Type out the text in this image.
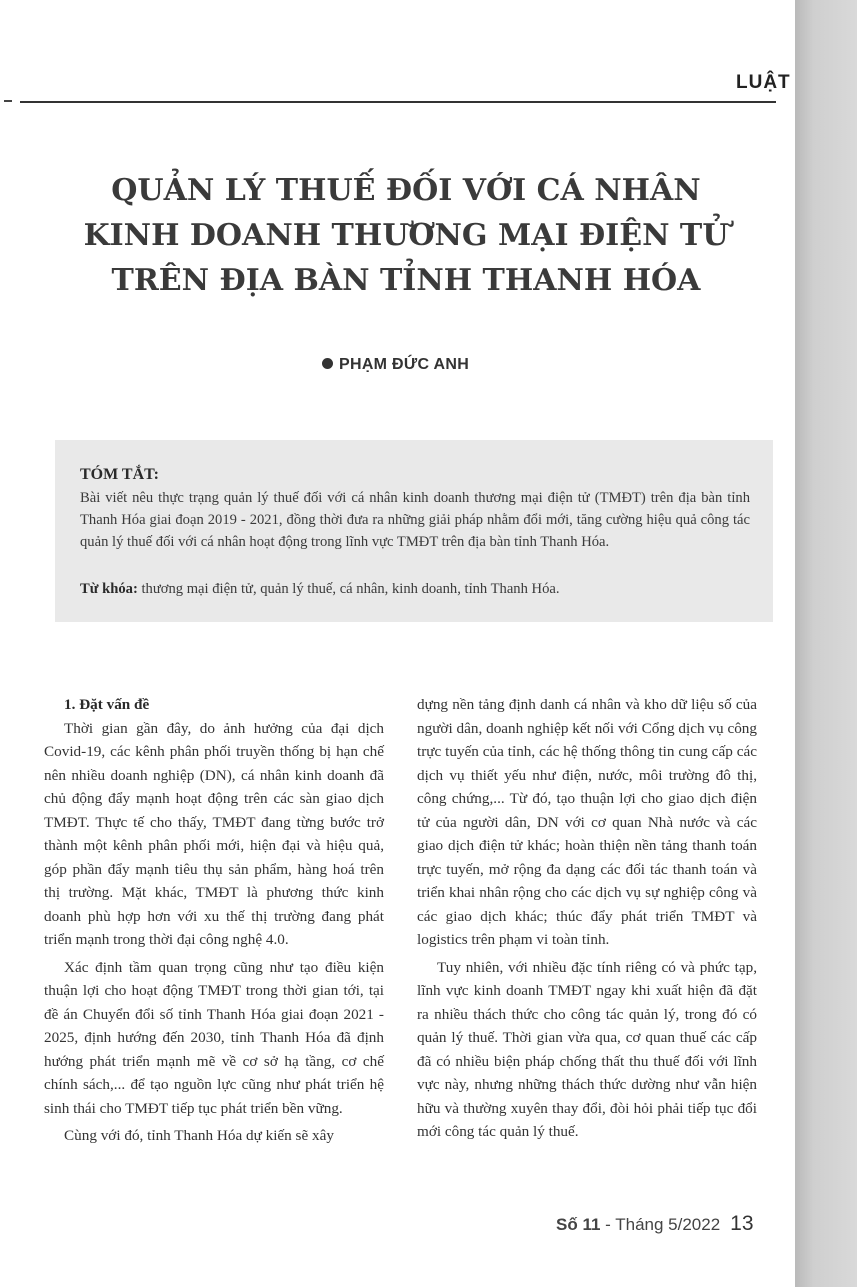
LUẬT
QUẢN LÝ THUẾ ĐỐI VỚI CÁ NHÂN
KINH DOANH THƯƠNG MẠI ĐIỆN TỬ
TRÊN ĐỊA BÀN TỈNH THANH HÓA
PHẠM ĐỨC ANH
TÓM TẮT:
Bài viết nêu thực trạng quản lý thuế đối với cá nhân kinh doanh thương mại điện tử (TMĐT) trên địa bàn tỉnh Thanh Hóa giai đoạn 2019 - 2021, đồng thời đưa ra những giải pháp nhằm đổi mới, tăng cường hiệu quả công tác quản lý thuế đối với cá nhân hoạt động trong lĩnh vực TMĐT trên địa bàn tỉnh Thanh Hóa.
Từ khóa: thương mại điện tử, quản lý thuế, cá nhân, kinh doanh, tỉnh Thanh Hóa.
1. Đặt vấn đề

Thời gian gần đây, do ảnh hưởng của đại dịch Covid-19, các kênh phân phối truyền thống bị hạn chế nên nhiều doanh nghiệp (DN), cá nhân kinh doanh đã chủ động đẩy mạnh hoạt động trên các sàn giao dịch TMĐT. Thực tế cho thấy, TMĐT đang từng bước trở thành một kênh phân phối mới, hiện đại và hiệu quả, góp phần đẩy mạnh tiêu thụ sản phẩm, hàng hoá trên thị trường. Mặt khác, TMĐT là phương thức kinh doanh phù hợp hơn với xu thế thị trường đang phát triển mạnh trong thời đại công nghệ 4.0.

Xác định tầm quan trọng cũng như tạo điều kiện thuận lợi cho hoạt động TMĐT trong thời gian tới, tại đề án Chuyển đổi số tỉnh Thanh Hóa giai đoạn 2021 - 2025, định hướng đến 2030, tỉnh Thanh Hóa đã định hướng phát triển mạnh mẽ về cơ sở hạ tầng, cơ chế chính sách,... để tạo nguồn lực cũng như phát triển hệ sinh thái cho TMĐT tiếp tục phát triển bền vững.

Cùng với đó, tỉnh Thanh Hóa dự kiến sẽ xây

dựng nền tảng định danh cá nhân và kho dữ liệu số của người dân, doanh nghiệp kết nối với Cổng dịch vụ công trực tuyến của tỉnh, các hệ thống thông tin cung cấp các dịch vụ thiết yếu như điện, nước, môi trường đô thị, công chứng,... Từ đó, tạo thuận lợi cho giao dịch điện tử của người dân, DN với cơ quan Nhà nước và các giao dịch điện tử khác; hoàn thiện nền tảng thanh toán trực tuyến, mở rộng đa dạng các đối tác thanh toán và triển khai nhân rộng cho các dịch vụ sự nghiệp công và các giao dịch khác; thúc đẩy phát triển TMĐT và logistics trên phạm vi toàn tỉnh.

Tuy nhiên, với nhiều đặc tính riêng có và phức tạp, lĩnh vực kinh doanh TMĐT ngay khi xuất hiện đã đặt ra nhiều thách thức cho công tác quản lý, trong đó có quản lý thuế. Thời gian vừa qua, cơ quan thuế các cấp đã có nhiều biện pháp chống thất thu thuế đối với lĩnh vực này, nhưng những thách thức dường như vẫn hiện hữu và thường xuyên thay đổi, đòi hỏi phải tiếp tục đổi mới công tác quản lý thuế.

Số 11 - Tháng 5/2022 13
